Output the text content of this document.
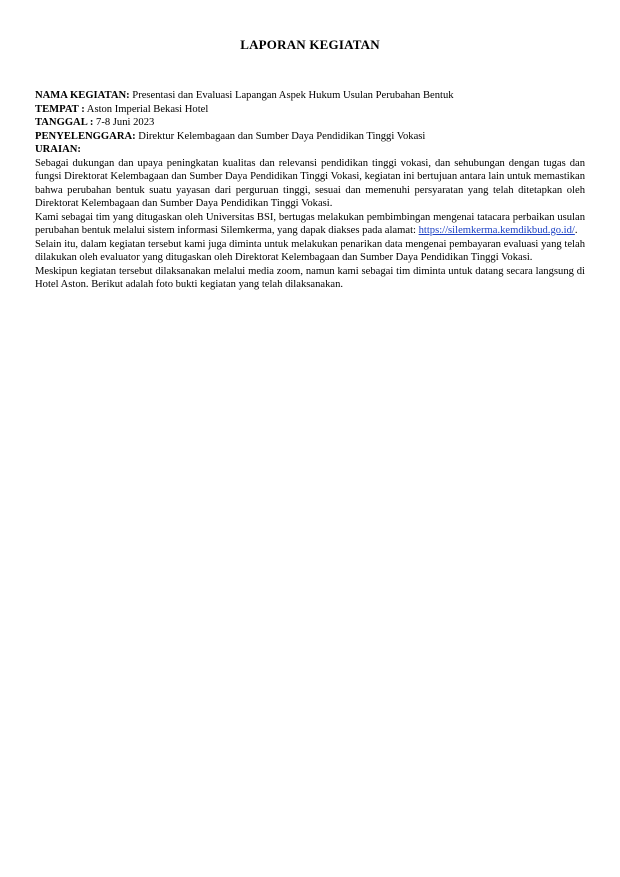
LAPORAN KEGIATAN
NAMA KEGIATAN: Presentasi dan Evaluasi Lapangan Aspek Hukum Usulan Perubahan Bentuk
TEMPAT : Aston Imperial Bekasi Hotel
TANGGAL : 7-8 Juni 2023
PENYELENGGARA: Direktur Kelembagaan dan Sumber Daya Pendidikan Tinggi Vokasi
URAIAN:

Sebagai dukungan dan upaya peningkatan kualitas dan relevansi pendidikan tinggi vokasi, dan sehubungan dengan tugas dan fungsi Direktorat Kelembagaan dan Sumber Daya Pendidikan Tinggi Vokasi, kegiatan ini bertujuan antara lain untuk memastikan bahwa perubahan bentuk suatu yayasan dari perguruan tinggi, sesuai dan memenuhi persyaratan yang telah ditetapkan oleh Direktorat Kelembagaan dan Sumber Daya Pendidikan Tinggi Vokasi.

Kami sebagai tim yang ditugaskan oleh Universitas BSI, bertugas melakukan pembimbingan mengenai tatacara perbaikan usulan perubahan bentuk melalui sistem informasi Silemkerma, yang dapak diakses pada alamat: https://silemkerma.kemdikbud.go.id/.

Selain itu, dalam kegiatan tersebut kami juga diminta untuk melakukan penarikan data mengenai pembayaran evaluasi yang telah dilakukan oleh evaluator yang ditugaskan oleh Direktorat Kelembagaan dan Sumber Daya Pendidikan Tinggi Vokasi.

Meskipun kegiatan tersebut dilaksanakan melalui media zoom, namun kami sebagai tim diminta untuk datang secara langsung di Hotel Aston. Berikut adalah foto bukti kegiatan yang telah dilaksanakan.
